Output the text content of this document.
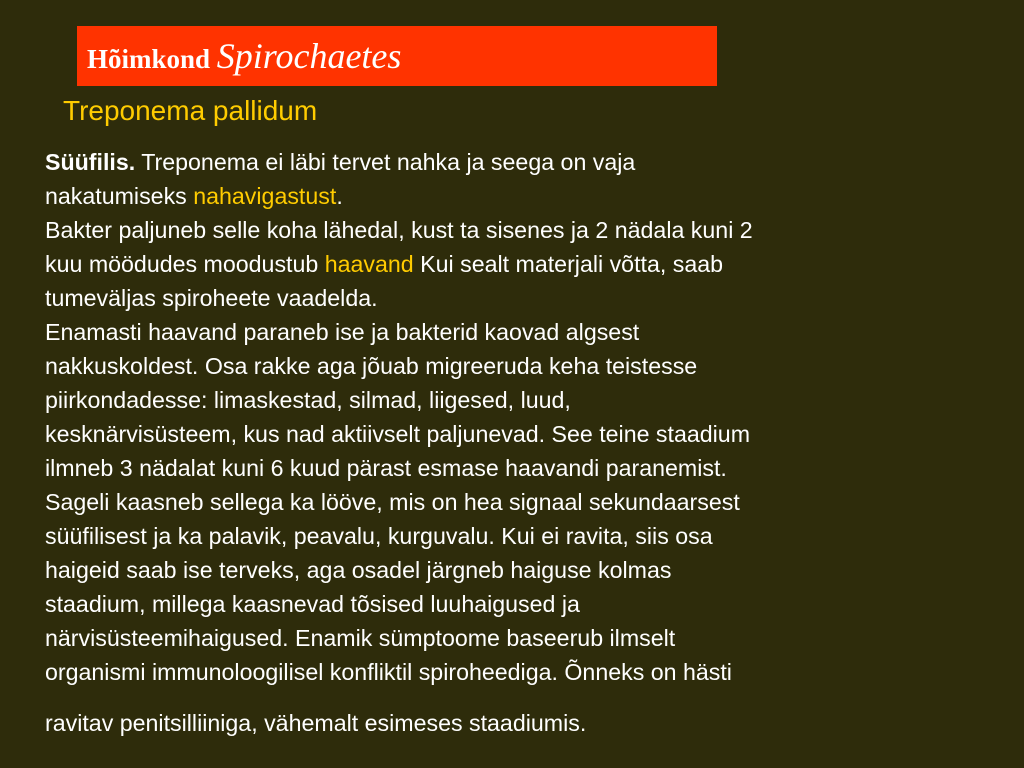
Hõimkond Spirochaetes
Treponema pallidum
Süüfilis. Treponema ei läbi tervet nahka ja seega on vaja
nakatumiseks nahavigastust.
Bakter paljuneb selle koha lähedal, kust ta sisenes ja 2 nädala kuni 2
kuu möödudes moodustub haavand Kui sealt materjali võtta, saab
tumeväljas spiroheete vaadelda.
Enamasti haavand paraneb ise ja bakterid kaovad algsest
nakkuskoldest. Osa rakke aga jõuab migreeruda keha teistesse
piirkondadesse: limaskestad, silmad, liigesed, luud,
kesknärvisüsteem, kus nad aktiivselt paljunevad. See teine staadium
ilmneb 3 nädalat kuni 6 kuud pärast esmase haavandi paranemist.
Sageli kaasneb sellega ka lööve, mis on hea signaal sekundaarsest
süüfilisest ja ka palavik, peavalu, kurguvalu. Kui ei ravita, siis osa
haigeid saab ise terveks, aga osadel järgneb haiguse kolmas
staadium, millega kaasnevad tõsised luuhaigused ja
närvisüsteemihaigused. Enamik sümptoome baseerub ilmselt
organismi immunoloogilisel konfliktil spiroheediga. Õnneks on hästi
ravitav penitsilliiniga, vähemalt esimeses staadiumis.
